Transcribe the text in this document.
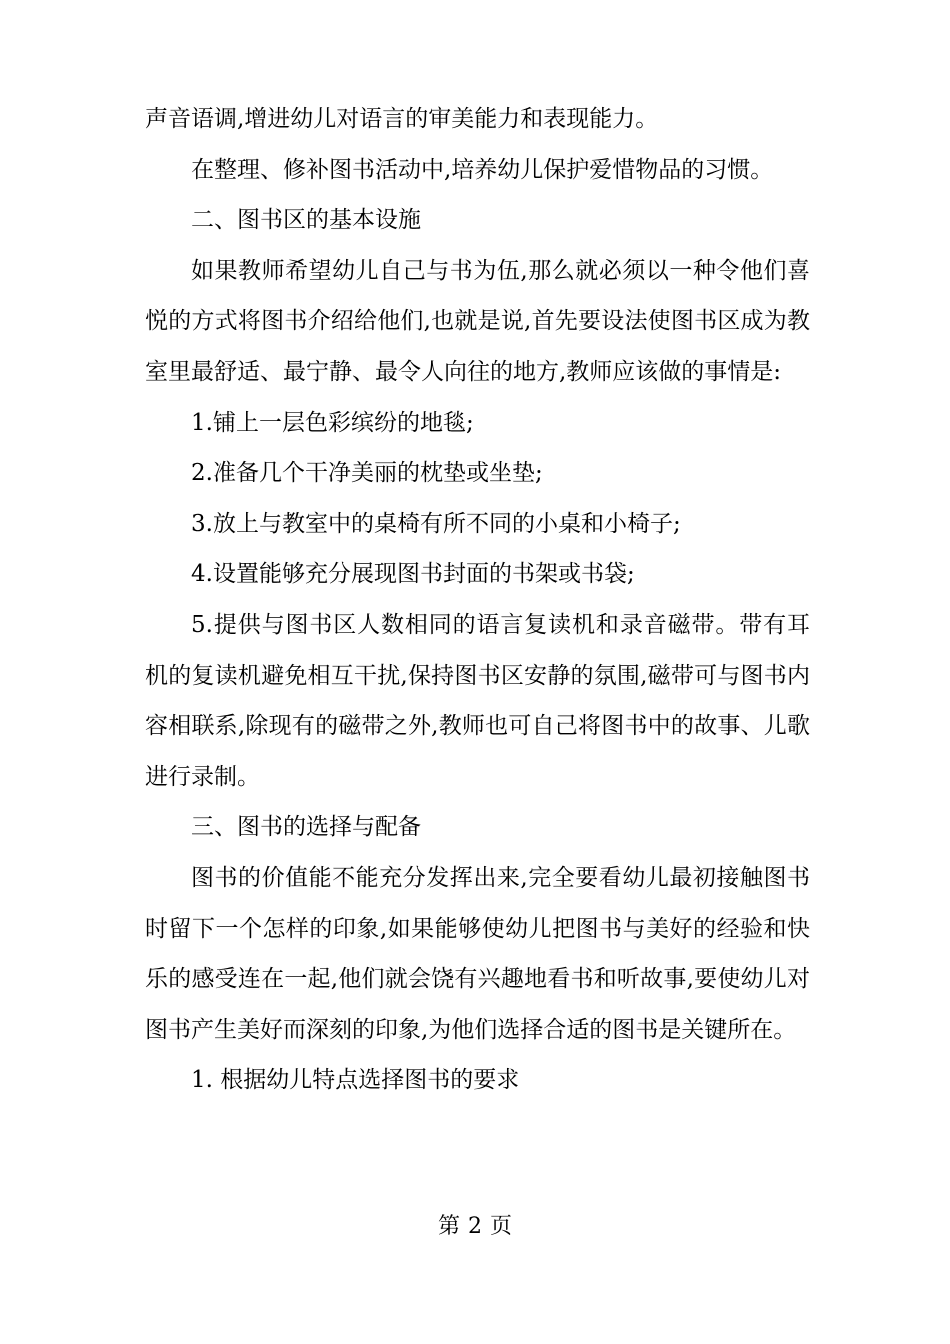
声音语调,增进幼儿对语言的审美能力和表现能力。

在整理、修补图书活动中,培养幼儿保护爱惜物品的习惯。

二、图书区的基本设施

如果教师希望幼儿自己与书为伍,那么就必须以一种令他们喜悦的方式将图书介绍给他们,也就是说,首先要设法使图书区成为教室里最舒适、最宁静、最令人向往的地方,教师应该做的事情是:

1.铺上一层色彩缤纷的地毯;

2.准备几个干净美丽的枕垫或坐垫;

3.放上与教室中的桌椅有所不同的小桌和小椅子;

4.设置能够充分展现图书封面的书架或书袋;

5.提供与图书区人数相同的语言复读机和录音磁带。带有耳机的复读机避免相互干扰,保持图书区安静的氛围,磁带可与图书内容相联系,除现有的磁带之外,教师也可自己将图书中的故事、儿歌进行录制。

三、图书的选择与配备

图书的价值能不能充分发挥出来,完全要看幼儿最初接触图书时留下一个怎样的印象,如果能够使幼儿把图书与美好的经验和快乐的感受连在一起,他们就会饶有兴趣地看书和听故事,要使幼儿对图书产生美好而深刻的印象,为他们选择合适的图书是关键所在。

1. 根据幼儿特点选择图书的要求

第 2 页
